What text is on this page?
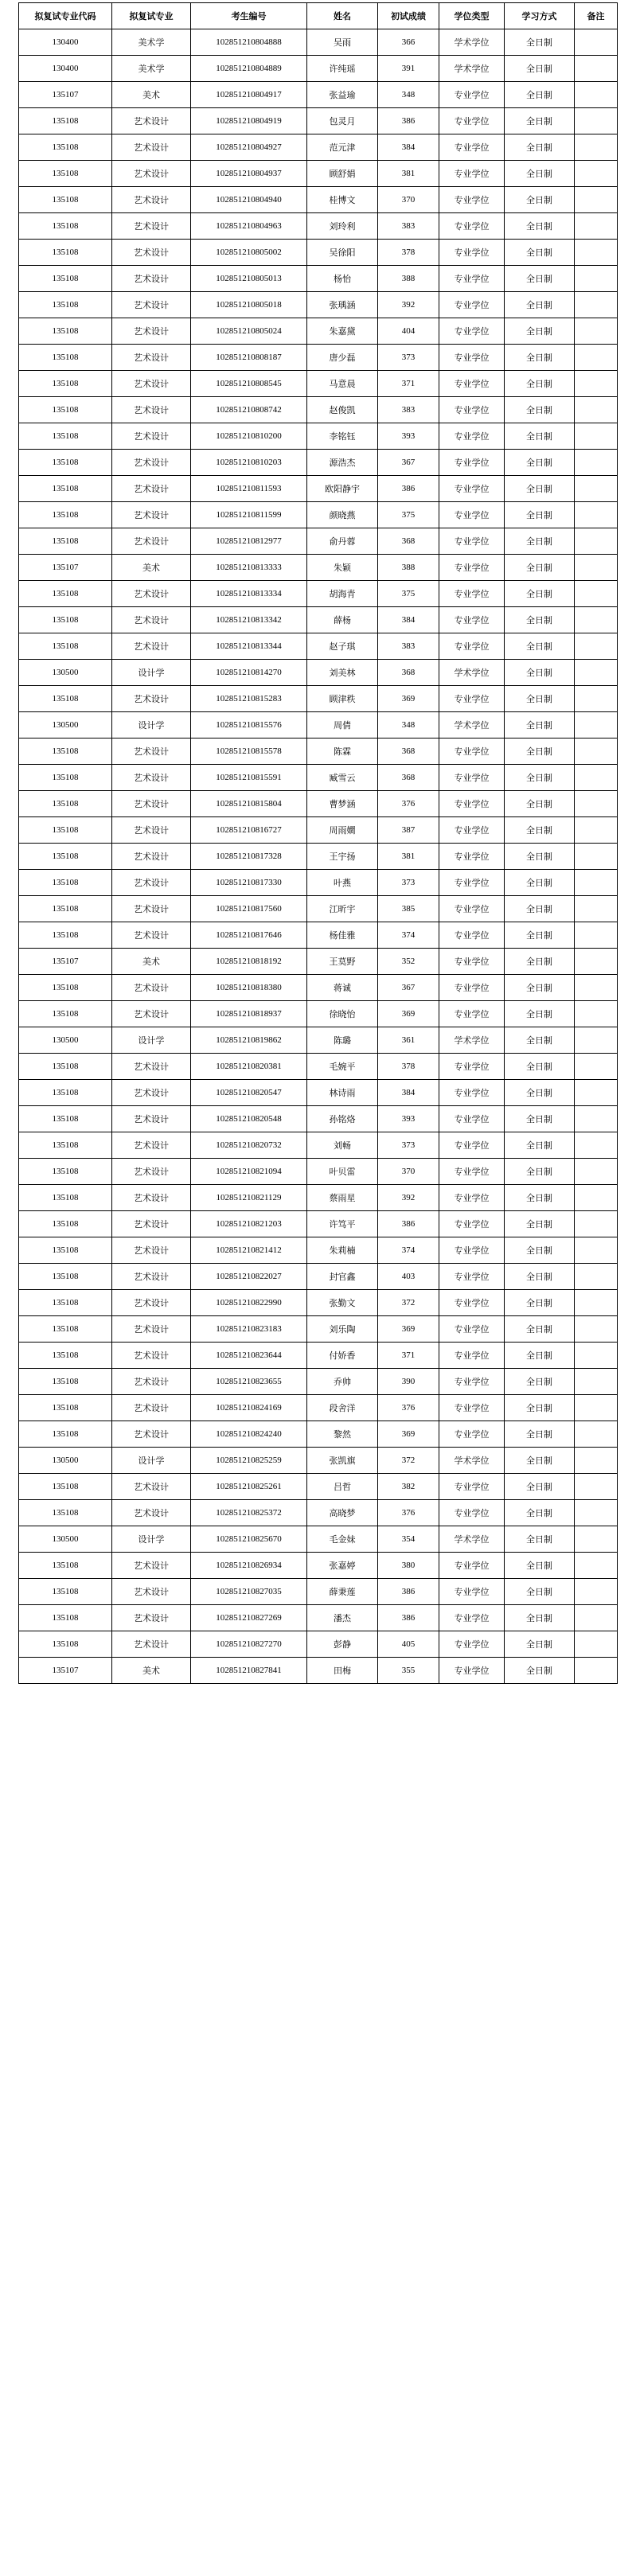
拟复试专业代码	拟复试专业	考生编号	姓名	初试成绩	学位类型	学习方式	备注
130400	美术学	102851210804888	吴雨	366	学术学位	全日制	
130400	美术学	102851210804889	许纯瑶	391	学术学位	全日制	
135107	美术	102851210804917	张益瑜	348	专业学位	全日制	
135108	艺术设计	102851210804919	包灵月	386	专业学位	全日制	
135108	艺术设计	102851210804927	范元津	384	专业学位	全日制	
135108	艺术设计	102851210804937	顾舒娟	381	专业学位	全日制	
135108	艺术设计	102851210804940	桂博文	370	专业学位	全日制	
135108	艺术设计	102851210804963	刘玲利	383	专业学位	全日制	
135108	艺术设计	102851210805002	吴徐阳	378	专业学位	全日制	
135108	艺术设计	102851210805013	杨怡	388	专业学位	全日制	
135108	艺术设计	102851210805018	张瑀涵	392	专业学位	全日制	
135108	艺术设计	102851210805024	朱嘉黛	404	专业学位	全日制	
135108	艺术设计	102851210808187	唐少磊	373	专业学位	全日制	
135108	艺术设计	102851210808545	马意晨	371	专业学位	全日制	
135108	艺术设计	102851210808742	赵俊凯	383	专业学位	全日制	
135108	艺术设计	102851210810200	李铭钰	393	专业学位	全日制	
135108	艺术设计	102851210810203	源浩杰	367	专业学位	全日制	
135108	艺术设计	102851210811593	欧阳静宇	386	专业学位	全日制	
135108	艺术设计	102851210811599	颜晓燕	375	专业学位	全日制	
135108	艺术设计	102851210812977	俞丹蓉	368	专业学位	全日制	
135107	美术	102851210813333	朱颖	388	专业学位	全日制	
135108	艺术设计	102851210813334	胡海青	375	专业学位	全日制	
135108	艺术设计	102851210813342	薛杨	384	专业学位	全日制	
135108	艺术设计	102851210813344	赵子琪	383	专业学位	全日制	
130500	设计学	102851210814270	刘美林	368	学术学位	全日制	
135108	艺术设计	102851210815283	顾津秩	369	专业学位	全日制	
130500	设计学	102851210815576	周倩	348	学术学位	全日制	
135108	艺术设计	102851210815578	陈霖	368	专业学位	全日制	
135108	艺术设计	102851210815591	臧雪云	368	专业学位	全日制	
135108	艺术设计	102851210815804	曹梦涵	376	专业学位	全日制	
135108	艺术设计	102851210816727	周雨嫺	387	专业学位	全日制	
135108	艺术设计	102851210817328	王宇扬	381	专业学位	全日制	
135108	艺术设计	102851210817330	叶燕	373	专业学位	全日制	
135108	艺术设计	102851210817560	江昕宇	385	专业学位	全日制	
135108	艺术设计	102851210817646	杨佳雅	374	专业学位	全日制	
135107	美术	102851210818192	王莫野	352	专业学位	全日制	
135108	艺术设计	102851210818380	蒋诚	367	专业学位	全日制	
135108	艺术设计	102851210818937	徐晓怡	369	专业学位	全日制	
130500	设计学	102851210819862	陈璐	361	学术学位	全日制	
135108	艺术设计	102851210820381	毛婉平	378	专业学位	全日制	
135108	艺术设计	102851210820547	林诗雨	384	专业学位	全日制	
135108	艺术设计	102851210820548	孙铭烙	393	专业学位	全日制	
135108	艺术设计	102851210820732	刘畅	373	专业学位	全日制	
135108	艺术设计	102851210821094	叶贝雷	370	专业学位	全日制	
135108	艺术设计	102851210821129	蔡雨星	392	专业学位	全日制	
135108	艺术设计	102851210821203	许笃平	386	专业学位	全日制	
135108	艺术设计	102851210821412	朱莉楠	374	专业学位	全日制	
135108	艺术设计	102851210822027	封官鑫	403	专业学位	全日制	
135108	艺术设计	102851210822990	张勤文	372	专业学位	全日制	
135108	艺术设计	102851210823183	刘乐陶	369	专业学位	全日制	
135108	艺术设计	102851210823644	付娇香	371	专业学位	全日制	
135108	艺术设计	102851210823655	乔帅	390	专业学位	全日制	
135108	艺术设计	102851210824169	段舍洋	376	专业学位	全日制	
135108	艺术设计	102851210824240	黎然	369	专业学位	全日制	
130500	设计学	102851210825259	张凯旗	372	学术学位	全日制	
135108	艺术设计	102851210825261	吕哲	382	专业学位	全日制	
135108	艺术设计	102851210825372	高晓梦	376	专业学位	全日制	
130500	设计学	102851210825670	毛金妹	354	学术学位	全日制	
135108	艺术设计	102851210826934	张嘉婷	380	专业学位	全日制	
135108	艺术设计	102851210827035	薛秉莲	386	专业学位	全日制	
135108	艺术设计	102851210827269	潘杰	386	专业学位	全日制	
135108	艺术设计	102851210827270	彭静	405	专业学位	全日制	
135107	美术	102851210827841	田梅	355	专业学位	全日制	
